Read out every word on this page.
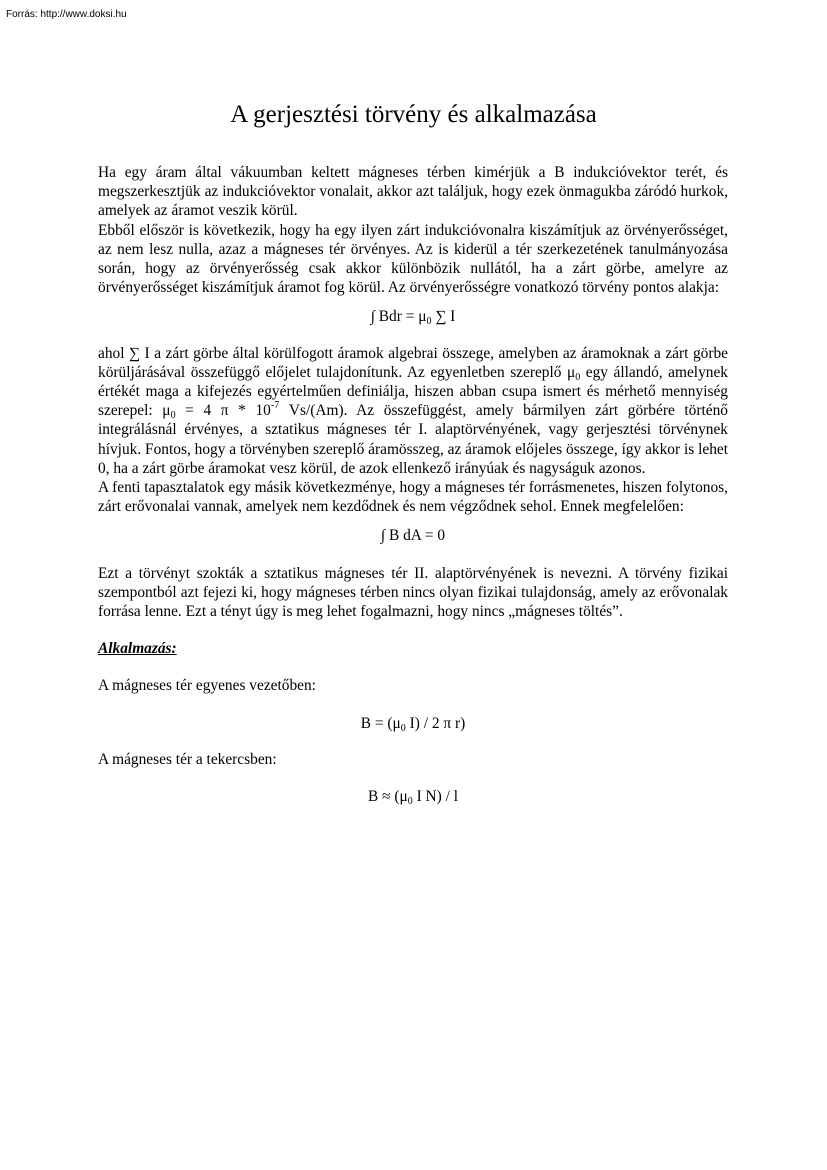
Forrás: http://www.doksi.hu
A gerjesztési törvény és alkalmazása

Ha egy áram által vákuumban keltett mágneses térben kimérjük a B indukcióvektor terét, és megszerkesztjük az indukcióvektor vonalait, akkor azt találjuk, hogy ezek önmagukba záródó hurkok, amelyek az áramot veszik körül.

Ebből először is következik, hogy ha egy ilyen zárt indukcióvonalra kiszámítjuk az örvényerősséget, az nem lesz nulla, azaz a mágneses tér örvényes. Az is kiderül a tér szerkezetének tanulmányozása során, hogy az örvényerősség csak akkor különbözik nullától, ha a zárt görbe, amelyre az örvényerősséget kiszámítjuk áramot fog körül. Az örvényerősségre vonatkozó törvény pontos alakja:

∫ Bdr = $\mu_0$ ∑ I

ahol ∑ I a zárt görbe által körülfogott áramok algebrai összege, amelyben az áramoknak a zárt görbe körüljárásával összefüggő előjelet tulajdonítunk. Az egyenletben szereplő $\mu_0$ egy állandó, amelynek értékét maga a kifejezés egyértelműen definiálja, hiszen abban csupa ismert és mérhető mennyiség szerepel: $\mu_0 = 4$ π * $10^{-7}$ Vs/(Am). Az összefüggést, amely bármilyen zárt görbére történő integrálásnál érvényes, a sztatikus mágneses tér I. alaptörvényének, vagy gerjesztési törvénynek hívjuk. Fontos, hogy a törvényben szereplő áramösszeg, az áramok előjeles összege, így akkor is lehet 0, ha a zárt görbe áramokat vesz körül, de azok ellenkező irányúak és nagyságuk azonos.

A fenti tapasztalatok egy másik következménye, hogy a mágneses tér forrásmenetes, hiszen folytonos, zárt erővonalai vannak, amelyek nem kezdődnek és nem végződnek sehol. Ennek megfelelően:

∫ B dA = 0

Ezt a törvényt szokták a sztatikus mágneses tér II. alaptörvényének is nevezni. A törvény fizikai szempontból azt fejezi ki, hogy mágneses térben nincs olyan fizikai tulajdonság, amely az erővonalak forrása lenne. Ezt a tényt úgy is meg lehet fogalmazni, hogy nincs „mágneses töltés”.

Alkalmazás:

A mágneses tér egyenes vezetőben:

$B = (\mu_0$ I) / 2 π r)

A mágneses tér a tekercsben:

$B \approx (\mu_0$ I N) / l
